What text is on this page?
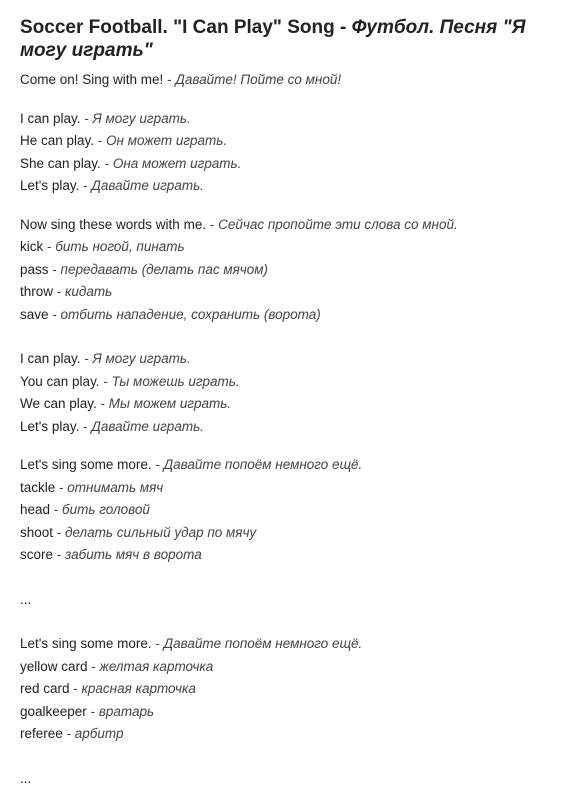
Soccer Football. "I Can Play" Song - Футбол. Песня "Я могу играть"
Come on! Sing with me! - Давайте! Пойте со мной!
I can play. - Я могу играть.
He can play. - Он может играть.
She can play. - Она может играть.
Let's play. - Давайте играть.
Now sing these words with me. - Сейчас пропойте эти слова со мной.
kick - бить ногой, пинать
pass - передавать (делать пас мячом)
throw - кидать
save - отбить нападение, сохранить (ворота)
I can play. - Я могу играть.
You can play. - Ты можешь играть.
We can play. - Мы можем играть.
Let's play. - Давайте играть.
Let's sing some more. - Давайте попоём немного ещё.
tackle - отнимать мяч
head - бить головой
shoot - делать сильный удар по мячу
score - забить мяч в ворота
...
Let's sing some more. - Давайте попоём немного ещё.
yellow card - желтая карточка
red card - красная карточка
goalkeeper - вратарь
referee - арбитр
...
